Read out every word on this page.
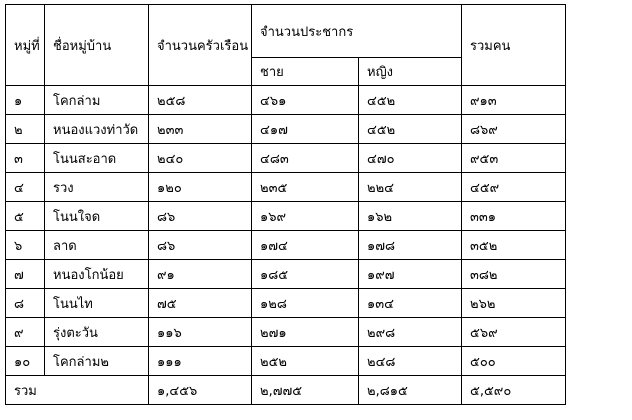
หมู่ที่	ชื่อหมู่บ้าน	จำนวนครัวเรือน	จำนวนประชากร		รวมคน
			ชาย	หญิง	
๑	โคกล่าม	๒๕๘	๔๖๑	๔๕๒	๙๑๓
๒	หนองแวงท่าวัด	๒๓๓	๔๑๗	๔๕๒	๘๖๙
๓	โนนสะอาด	๒๔๐	๔๘๓	๔๗๐	๙๕๓
๔	รวง	๑๒๐	๒๓๕	๒๒๔	๔๕๙
๕	โนนใจด	๘๖	๑๖๙	๑๖๒	๓๓๑
๖	ลาด	๘๖	๑๗๔	๑๗๘	๓๕๒
๗	หนองโกน้อย	๙๑	๑๘๕	๑๙๗	๓๘๒
๘	โนนไท	๗๕	๑๒๘	๑๓๔	๒๖๒
๙	รุ่งตะวัน	๑๑๖	๒๗๑	๒๙๘	๕๖๙
๑๐	โคกล่าม๒	๑๑๑	๒๕๒	๒๔๘	๕๐๐
รวม		๑,๔๕๖	๒,๗๗๕	๒,๘๑๕	๕,๕๙๐
